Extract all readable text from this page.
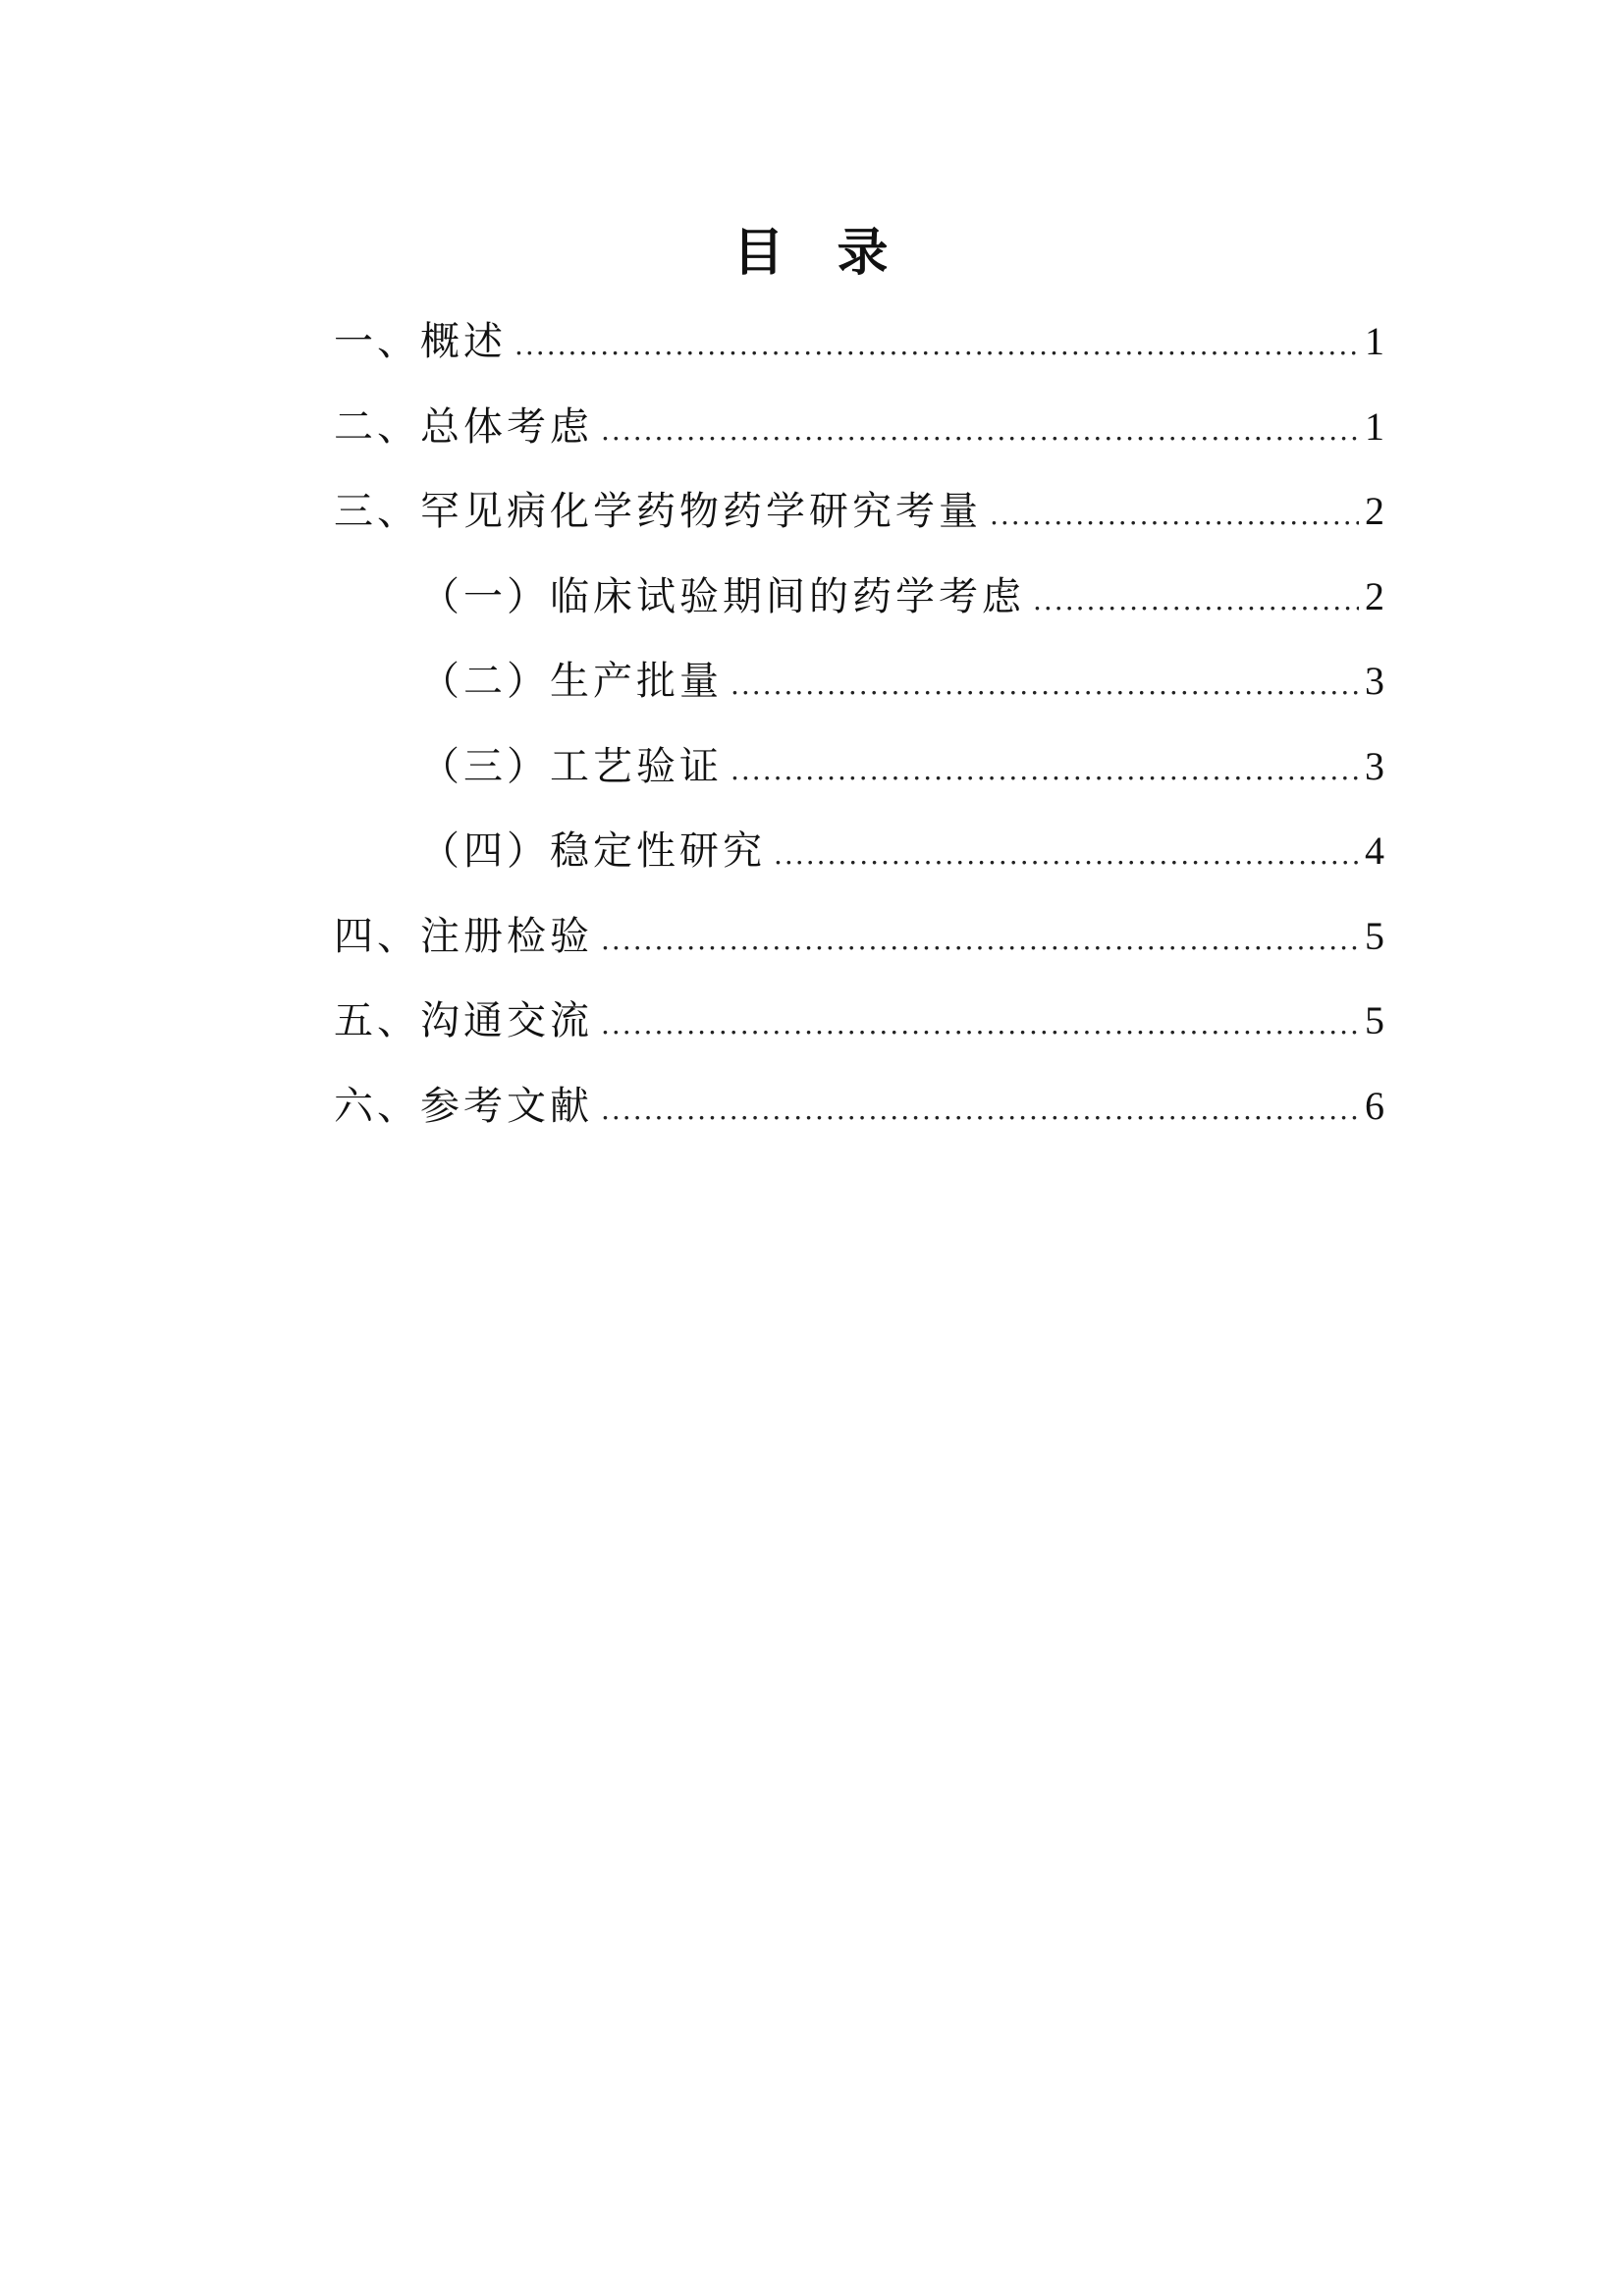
目 录
一、概述 .....	1
二、总体考虑 .....	1
三、罕见病化学药物药学研究考量 .....	2
（一）临床试验期间的药学考虑 .....	2
（二）生产批量 .....	3
（三）工艺验证 .....	3
（四）稳定性研究 .....	4
四、注册检验 .....	5
五、沟通交流 .....	5
六、参考文献 .....	6
